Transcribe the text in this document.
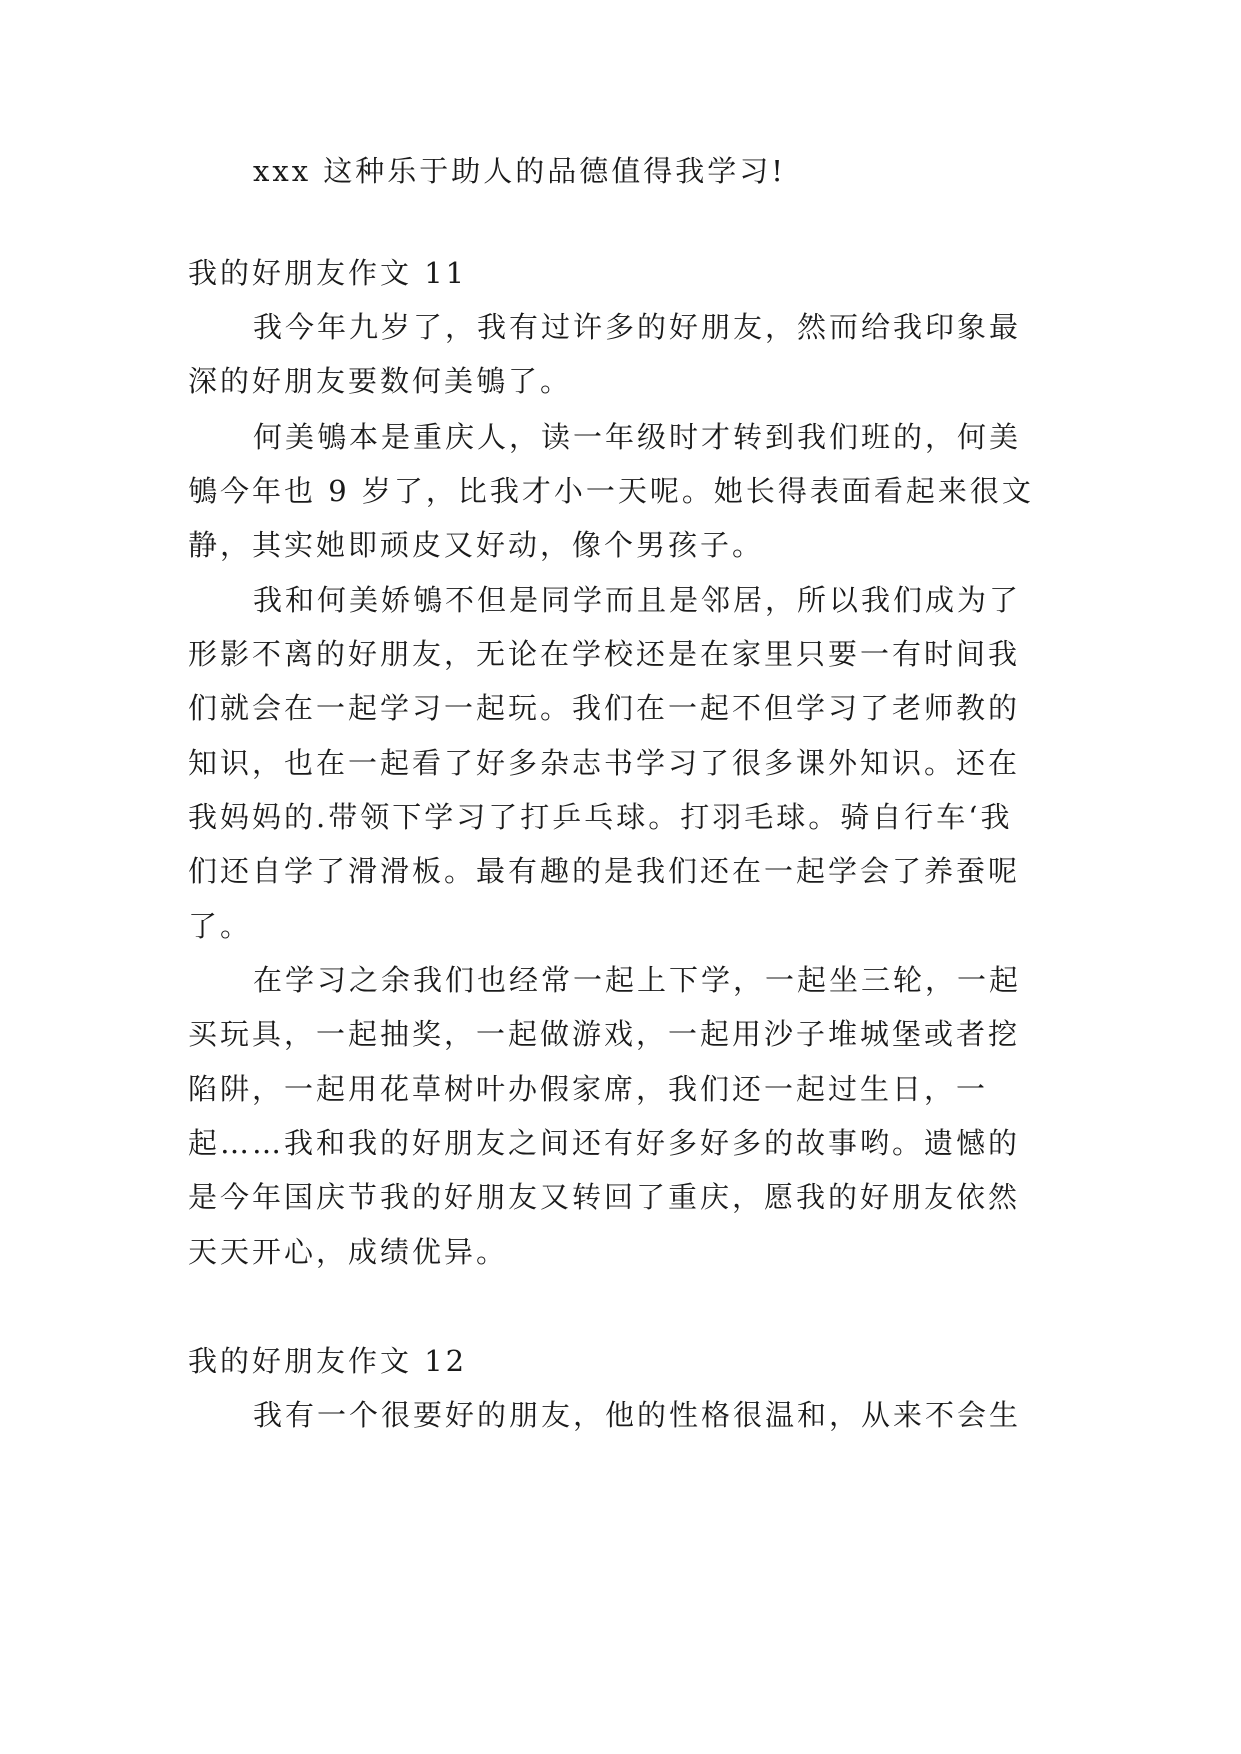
xxx 这种乐于助人的品德值得我学习!
我的好朋友作文 11
我今年九岁了，我有过许多的好朋友，然而给我印象最
深的好朋友要数何美鴝了。
何美鴝本是重庆人，读一年级时才转到我们班的，何美
鴝今年也 9 岁了，比我才小一天呢。她长得表面看起来很文
静，其实她即顽皮又好动，像个男孩子。
我和何美娇鴝不但是同学而且是邻居，所以我们成为了
形影不离的好朋友，无论在学校还是在家里只要一有时间我
们就会在一起学习一起玩。我们在一起不但学习了老师教的
知识，也在一起看了好多杂志书学习了很多课外知识。还在
我妈妈的.带领下学习了打乒乓球。打羽毛球。骑自行车‘我
们还自学了滑滑板。最有趣的是我们还在一起学会了养蚕呢
了。
在学习之余我们也经常一起上下学，一起坐三轮，一起
买玩具，一起抽奖，一起做游戏，一起用沙子堆城堡或者挖
陷阱，一起用花草树叶办假家席，我们还一起过生日，一
起……我和我的好朋友之间还有好多好多的故事哟。遗憾的
是今年国庆节我的好朋友又转回了重庆，愿我的好朋友依然
天天开心，成绩优异。
我的好朋友作文 12
我有一个很要好的朋友，他的性格很温和，从来不会生
